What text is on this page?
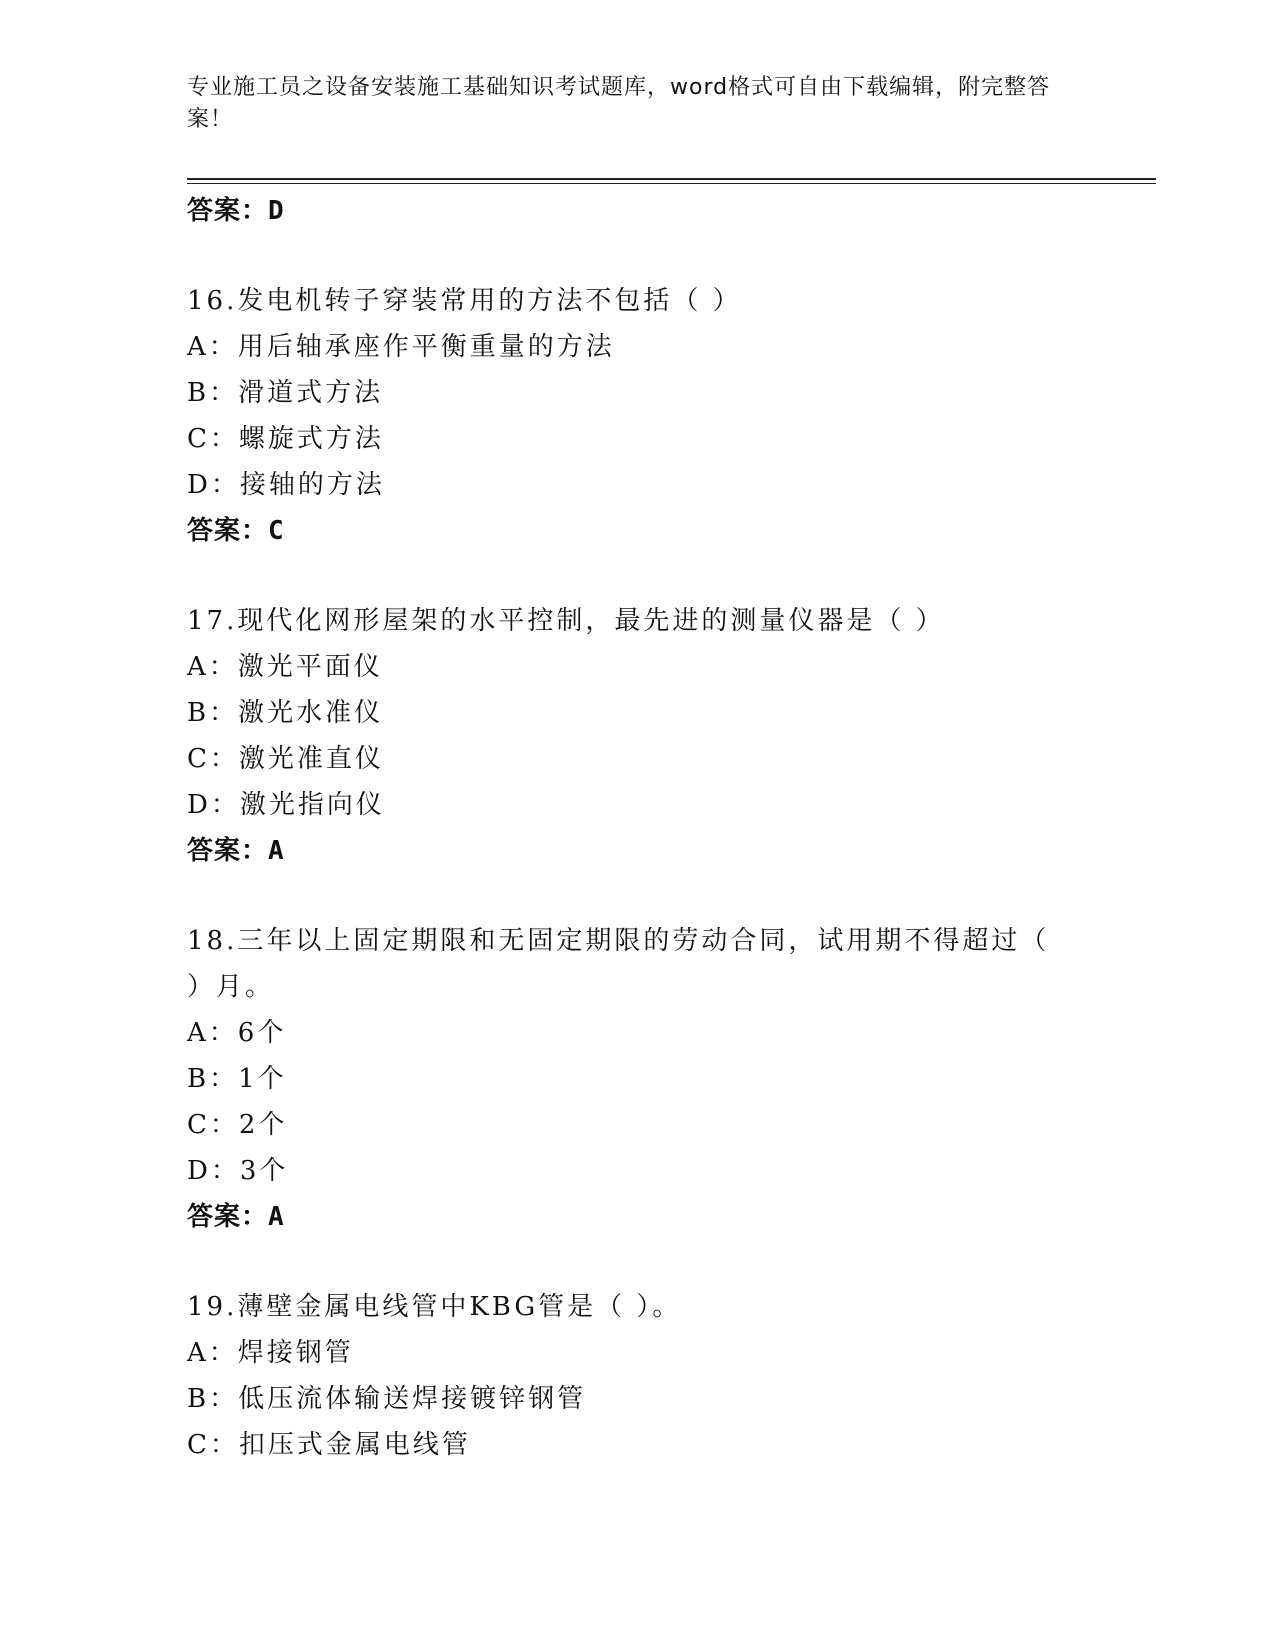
专业施工员之设备安装施工基础知识考试题库，word格式可自由下载编辑，附完整答案！
答案：D

16.发电机转子穿装常用的方法不包括（ ）

A：用后轴承座作平衡重量的方法
B：滑道式方法
C：螺旋式方法
D：接轴的方法
答案：C

17.现代化网形屋架的水平控制，最先进的测量仪器是（ ）

A：激光平面仪
B：激光水准仪
C：激光准直仪
D：激光指向仪
答案：A

18.三年以上固定期限和无固定期限的劳动合同，试用期不得超过（ ）月。

A：6个
B：1个
C：2个
D：3个
答案：A

19.薄壁金属电线管中KBG管是（ ）。

A：焊接钢管
B：低压流体输送焊接镀锌钢管
C：扣压式金属电线管
